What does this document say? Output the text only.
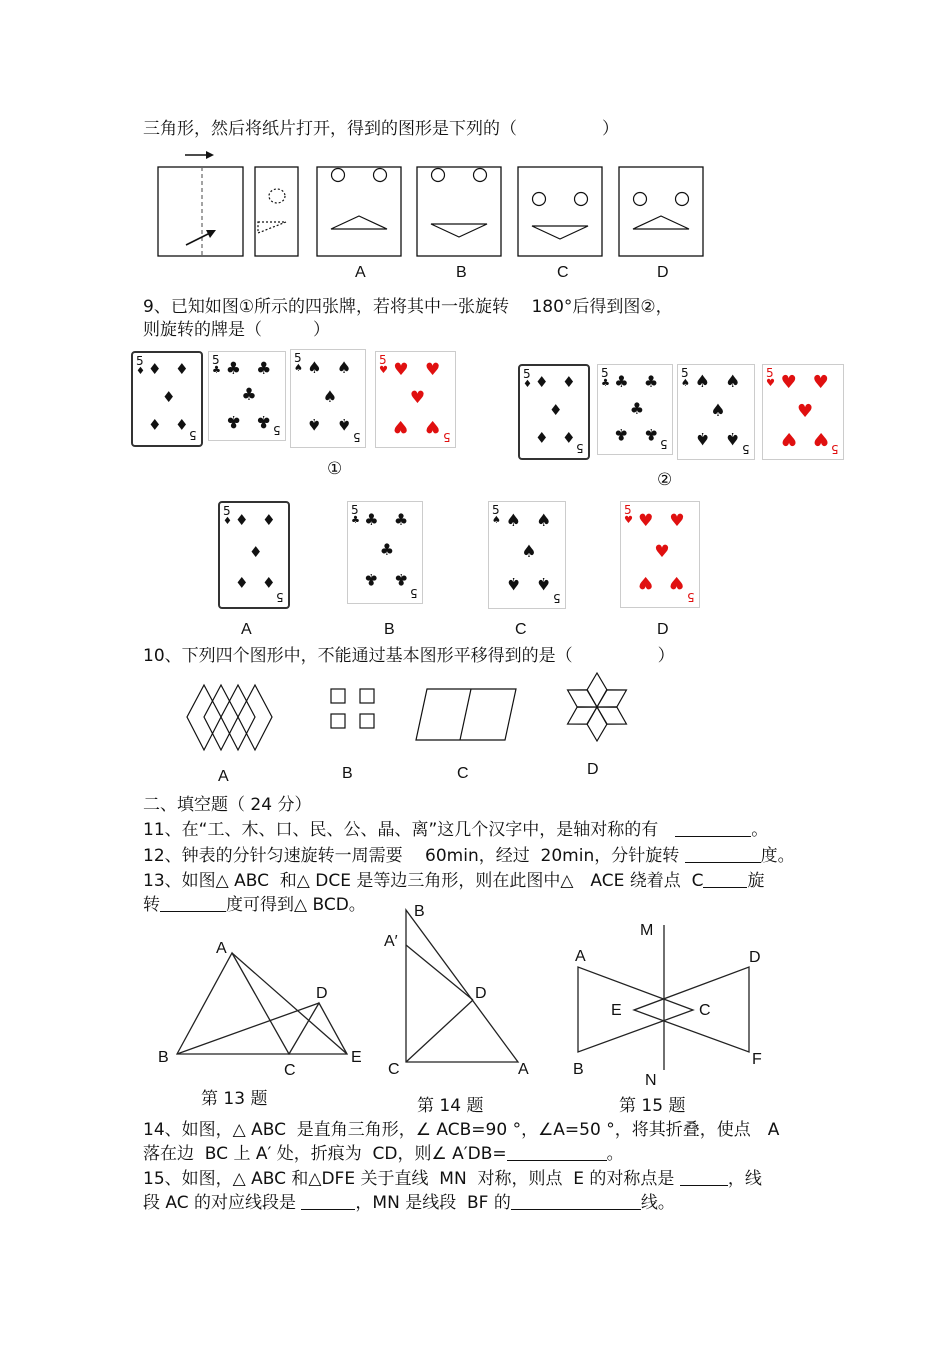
三角形，然后将纸片打开，得到的图形是下列的（　　　　　）
A	B	C	D
9、已知如图①所示的四张牌，若将其中一张旋转　 180°后得到图②，
则旋转的牌是（　　　）
5
♦
5
♦ ♦
♦
♦ ♦
5
♣
5
♣ ♣
♣
♣ ♣
5
♠
5
♠ ♠
♠
♠ ♠
5
♥
5
♥ ♥
♥
♥ ♥
5
♦
5
♦ ♦
♦
♦ ♦
5
♣
5
♣ ♣
♣
♣ ♣
5
♠
5
♠ ♠
♠
♠ ♠
5
♥
5
♥ ♥
♥
♥ ♥
5
♦
5
♦ ♦
♦
♦ ♦
5
♣
5
♣ ♣
♣
♣ ♣
5
♠
5
♠ ♠
♠
♠ ♠
5
♥
5
♥ ♥
♥
♥ ♥
①
②
A	B	C	D
10、下列四个图形中，不能通过基本图形平移得到的是（　　　　　）
A	B	C	D
二、填空题（ 24 分）
11、在“工、木、口、民、公、晶、离”这几个汉字中，是轴对称的有　	。
12、钟表的分针匀速旋转一周需要　 60min，经过  20min，分针旋转	度。
13、如图△ ABC  和△ DCE 是等边三角形，则在此图中△　ACE 绕着点  C	旋
转	度可得到△ BCD。
A
B
C
D
E
第 13 题
B
A′
D
C	A
第 14 题
M
A	D
E	C
B
F
N
第 15 题
14、如图，△ ABC  是直角三角形，∠ ACB=90 °，∠A=50 °，将其折叠，使点　A
落在边  BC 上 A′ 处，折痕为  CD，则∠ A′DB=	。
15、如图，△ ABC 和△DFE 关于直线  MN  对称，则点  E 的对称点是	，线
段 AC 的对应线段是	，MN 是线段  BF 的	线。
